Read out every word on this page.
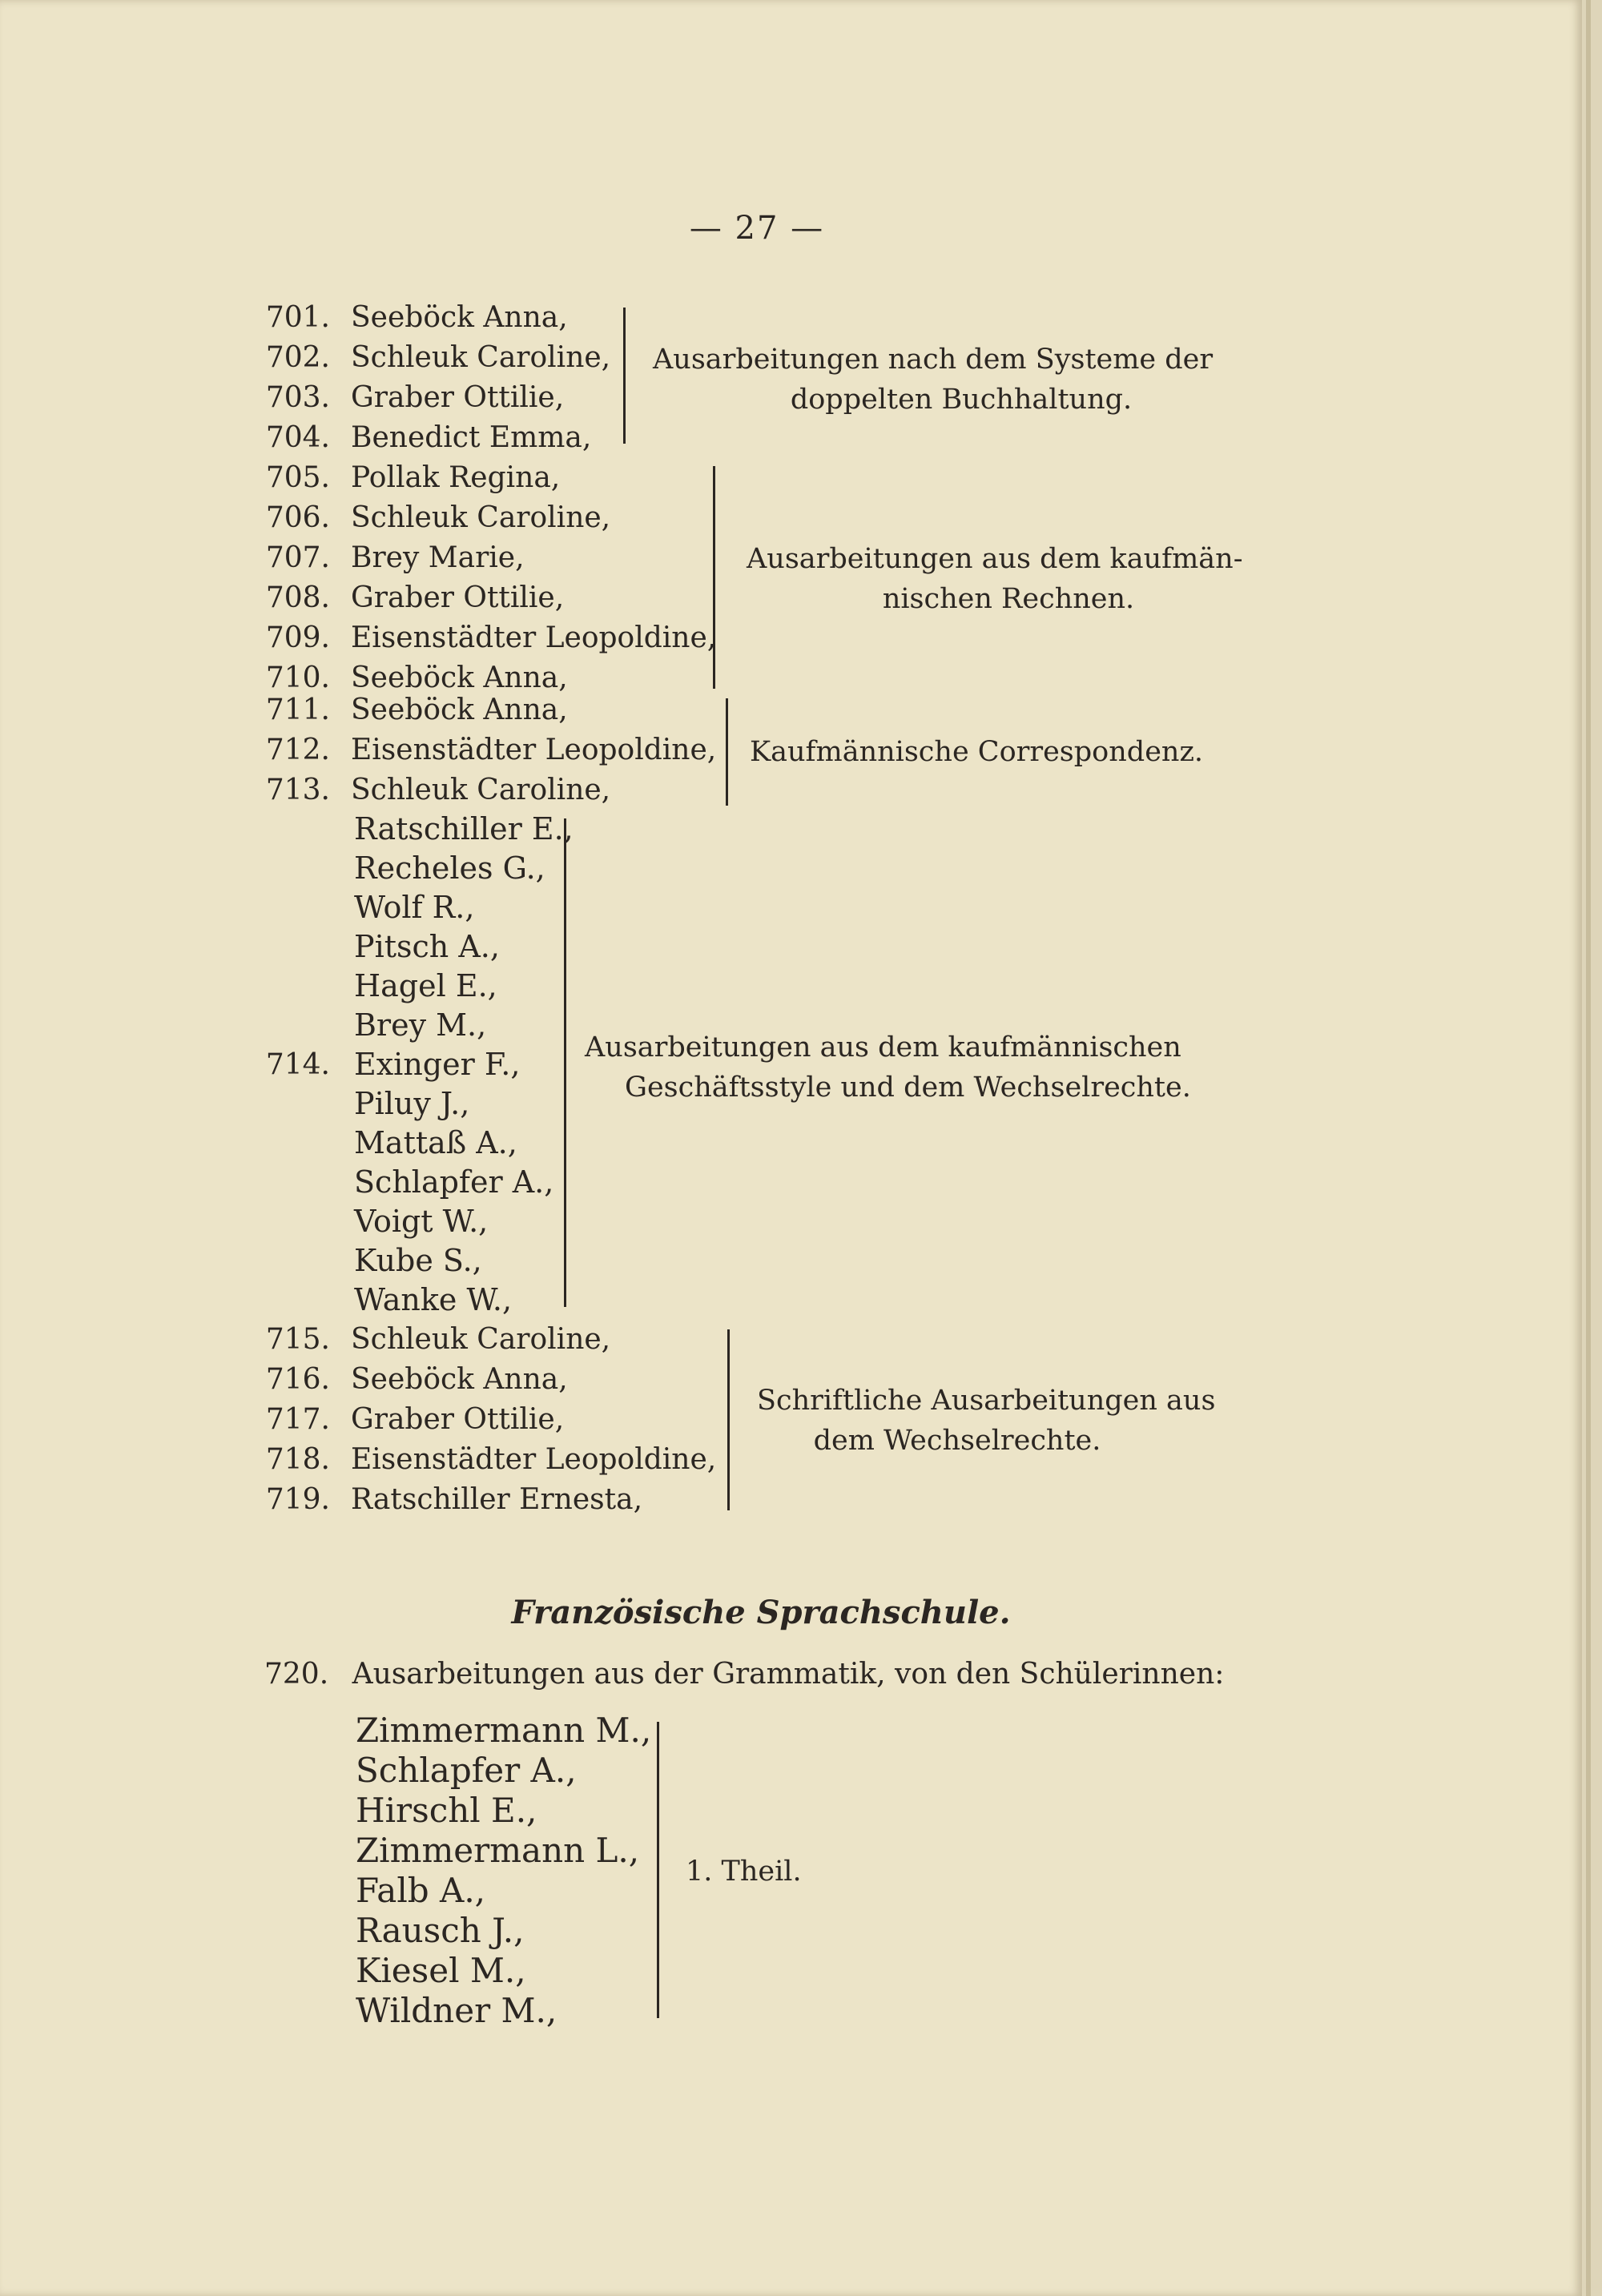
— 27 —
701. Seeböck Anna,
702. Schleuk Caroline,
703. Graber Ottilie,
704. Benedict Emma,
Ausarbeitungen nach dem Systeme der
doppelten Buchhaltung.
705. Pollak Regina,
706. Schleuk Caroline,
707. Brey Marie,
708. Graber Ottilie,
709. Eisenstädter Leopoldine,
710. Seeböck Anna,
Ausarbeitungen aus dem kaufmän-
nischen Rechnen.
711. Seeböck Anna,
712. Eisenstädter Leopoldine,
713. Schleuk Caroline,
Kaufmännische Correspondenz.
714.
Ratschiller E.,
Recheles G.,
Wolf R.,
Pitsch A.,
Hagel E.,
Brey M.,
Exinger F.,
Piluy J.,
Mattaß A.,
Schlapfer A.,
Voigt W.,
Kube S.,
Wanke W.,
Ausarbeitungen aus dem kaufmännischen
Geschäftsstyle und dem Wechselrechte.
715. Schleuk Caroline,
716. Seeböck Anna,
717. Graber Ottilie,
718. Eisenstädter Leopoldine,
719. Ratschiller Ernesta,
Schriftliche Ausarbeitungen aus
dem Wechselrechte.
Französische Sprachschule.
720. Ausarbeitungen aus der Grammatik, von den Schülerinnen:
Zimmermann M.,
Schlapfer A.,
Hirschl E.,
Zimmermann L.,
Falb A.,
Rausch J.,
Kiesel M.,
Wildner M.,
1. Theil.
